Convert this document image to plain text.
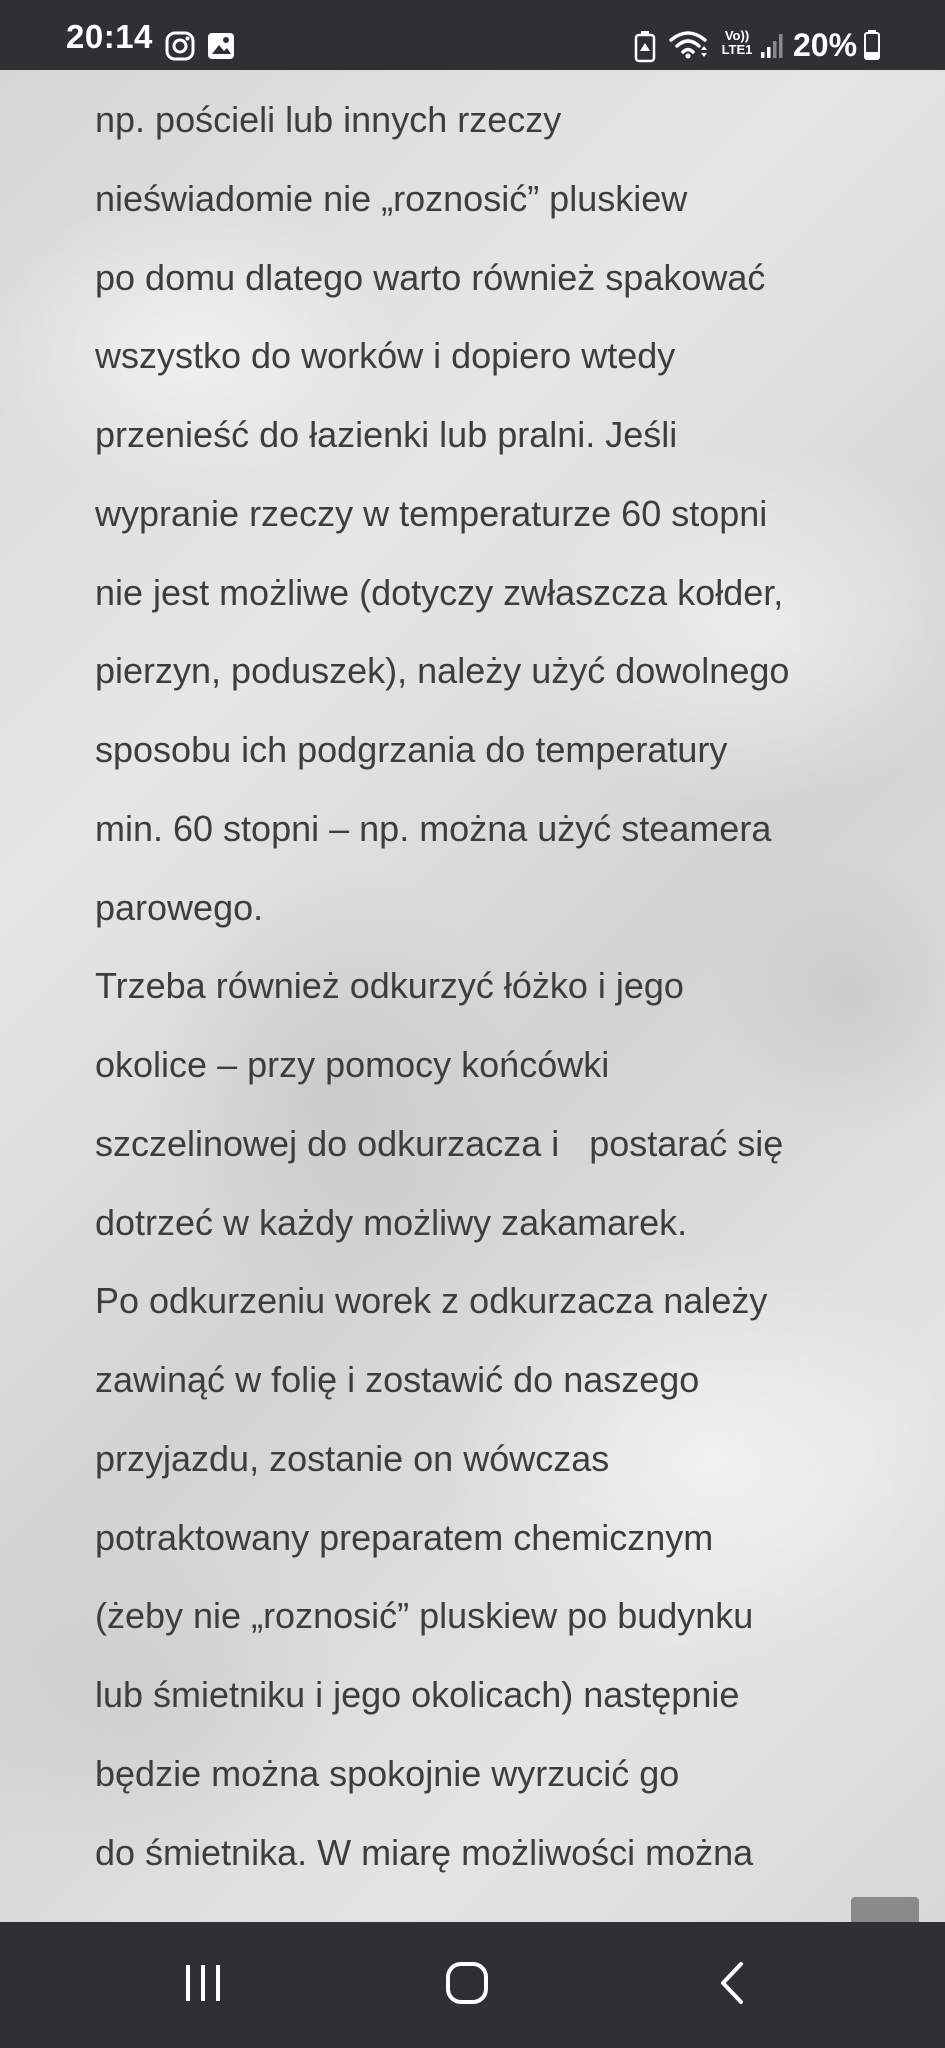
20:14	Vo)) LTE1 20%
np. pościeli lub innych rzeczy
nieświadomie nie „roznosić” pluskiew
po domu dlatego warto również spakować
wszystko do worków i dopiero wtedy
przenieść do łazienki lub pralni. Jeśli
wypranie rzeczy w temperaturze 60 stopni
nie jest możliwe (dotyczy zwłaszcza kołder,
pierzyn, poduszek), należy użyć dowolnego
sposobu ich podgrzania do temperatury
min. 60 stopni – np. można użyć steamera
parowego.
Trzeba również odkurzyć łóżko i jego
okolice – przy pomocy końcówki
szczelinowej do odkurzacza i   postarać się
dotrzeć w każdy możliwy zakamarek.
Po odkurzeniu worek z odkurzacza należy
zawinąć w folię i zostawić do naszego
przyjazdu, zostanie on wówczas
potraktowany preparatem chemicznym
(żeby nie „roznosić” pluskiew po budynku
lub śmietniku i jego okolicach) następnie
będzie można spokojnie wyrzucić go
do śmietnika. W miarę możliwości można
